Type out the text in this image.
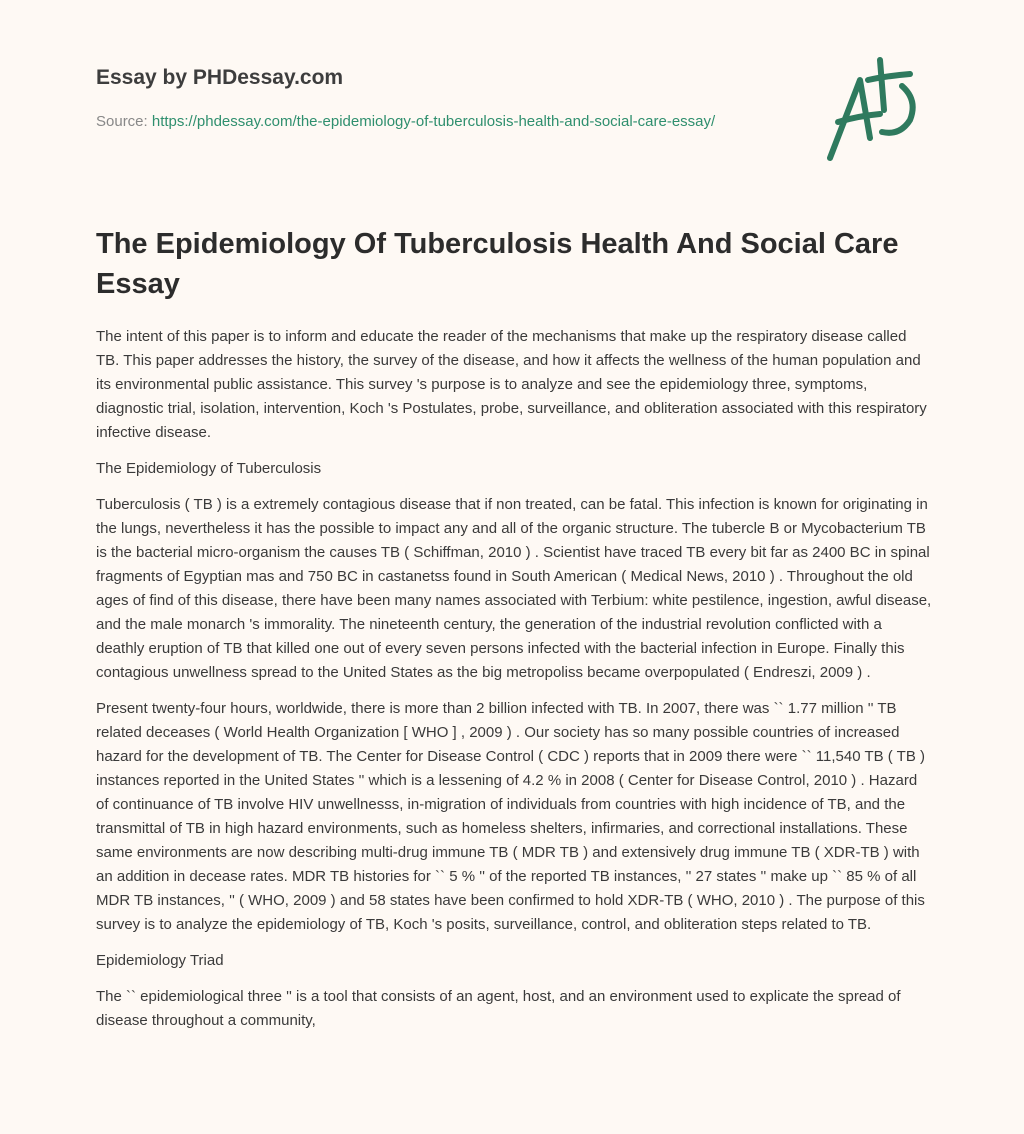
Essay by PHDessay.com
Source: https://phdessay.com/the-epidemiology-of-tuberculosis-health-and-social-care-essay/
The Epidemiology Of Tuberculosis Health And Social Care Essay

The intent of this paper is to inform and educate the reader of the mechanisms that make up the respiratory disease called TB. This paper addresses the history, the survey of the disease, and how it affects the wellness of the human population and its environmental public assistance. This survey 's purpose is to analyze and see the epidemiology three, symptoms, diagnostic trial, isolation, intervention, Koch 's Postulates, probe, surveillance, and obliteration associated with this respiratory infective disease.

The Epidemiology of Tuberculosis

Tuberculosis ( TB ) is a extremely contagious disease that if non treated, can be fatal. This infection is known for originating in the lungs, nevertheless it has the possible to impact any and all of the organic structure. The tubercle B or Mycobacterium TB is the bacterial micro-organism the causes TB ( Schiffman, 2010 ) . Scientist have traced TB every bit far as 2400 BC in spinal fragments of Egyptian mas and 750 BC in castanetss found in South American ( Medical News, 2010 ) . Throughout the old ages of find of this disease, there have been many names associated with Terbium: white pestilence, ingestion, awful disease, and the male monarch 's immorality. The nineteenth century, the generation of the industrial revolution conflicted with a deathly eruption of TB that killed one out of every seven persons infected with the bacterial infection in Europe. Finally this contagious unwellness spread to the United States as the big metropoliss became overpopulated ( Endreszi, 2009 ) .

Present twenty-four hours, worldwide, there is more than 2 billion infected with TB. In 2007, there was `` 1.77 million '' TB related deceases ( World Health Organization [ WHO ] , 2009 ) . Our society has so many possible countries of increased hazard for the development of TB. The Center for Disease Control ( CDC ) reports that in 2009 there were `` 11,540 TB ( TB ) instances reported in the United States '' which is a lessening of 4.2 % in 2008 ( Center for Disease Control, 2010 ) . Hazard of continuance of TB involve HIV unwellnesss, in-migration of individuals from countries with high incidence of TB, and the transmittal of TB in high hazard environments, such as homeless shelters, infirmaries, and correctional installations. These same environments are now describing multi-drug immune TB ( MDR TB ) and extensively drug immune TB ( XDR-TB ) with an addition in decease rates. MDR TB histories for `` 5 % '' of the reported TB instances, '' 27 states '' make up `` 85 % of all MDR TB instances, '' ( WHO, 2009 ) and 58 states have been confirmed to hold XDR-TB ( WHO, 2010 ) . The purpose of this survey is to analyze the epidemiology of TB, Koch 's posits, surveillance, control, and obliteration steps related to TB.

Epidemiology Triad

The `` epidemiological three '' is a tool that consists of an agent, host, and an environment used to explicate the spread of disease throughout a community,
